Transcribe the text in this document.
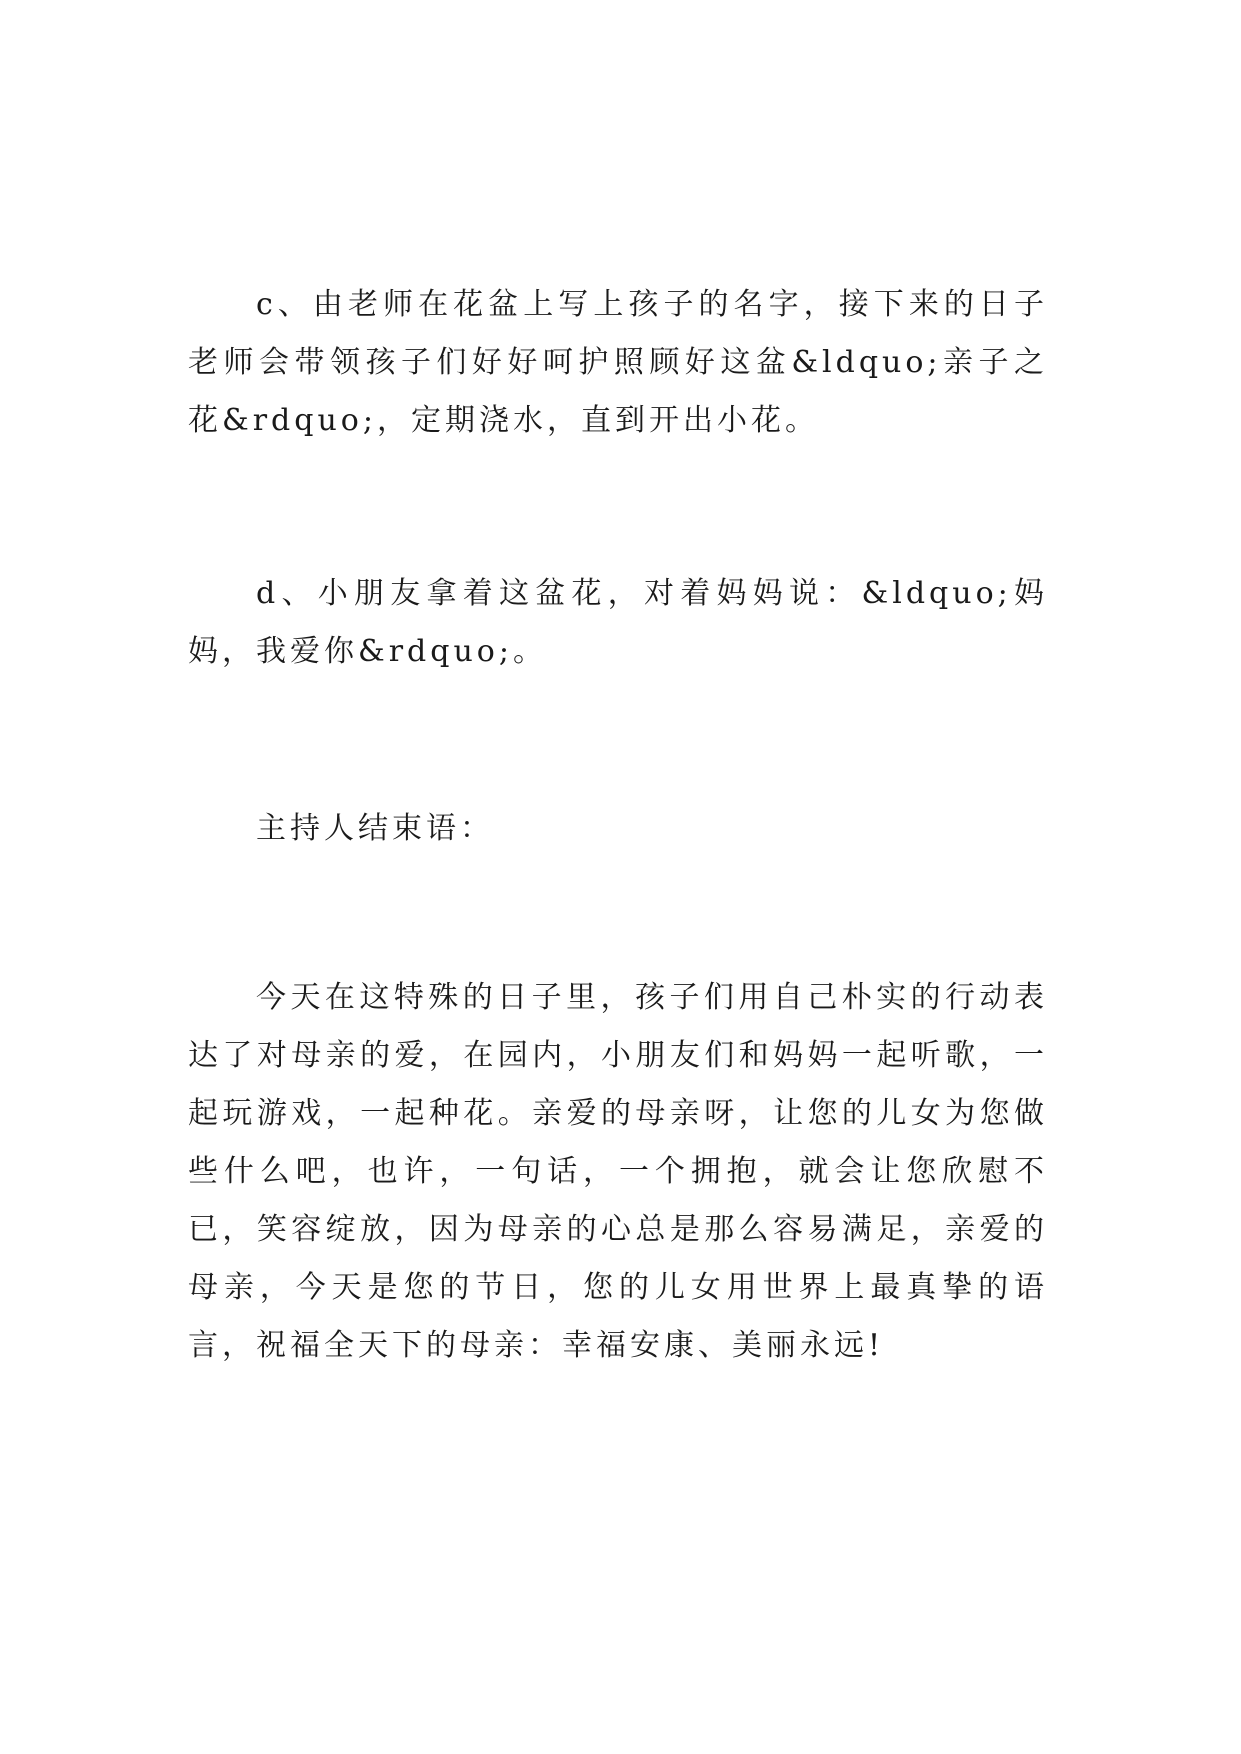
c、由老师在花盆上写上孩子的名字，接下来的日子老师会带领孩子们好好呵护照顾好这盆&ldquo;亲子之花&rdquo;，定期浇水，直到开出小花。

d、小朋友拿着这盆花，对着妈妈说：&ldquo;妈妈，我爱你&rdquo;。

主持人结束语：

今天在这特殊的日子里，孩子们用自己朴实的行动表达了对母亲的爱，在园内，小朋友们和妈妈一起听歌，一起玩游戏，一起种花。亲爱的母亲呀，让您的儿女为您做些什么吧，也许，一句话，一个拥抱，就会让您欣慰不已，笑容绽放，因为母亲的心总是那么容易满足，亲爱的母亲，今天是您的节日，您的儿女用世界上最真挚的语言，祝福全天下的母亲：幸福安康、美丽永远!
